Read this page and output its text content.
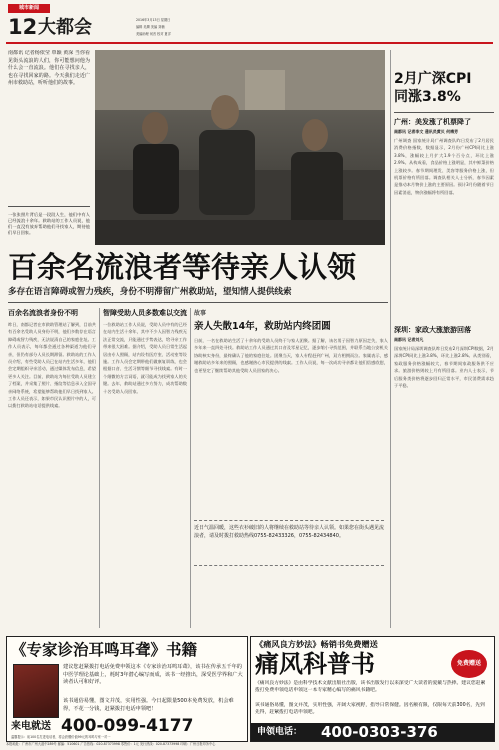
城市新闻
12 大都会	2016年3月13日 星期日
编辑 吴腾 美编 刘楠
美编助理 何晋 校对 夏洋
南都讯 记者杨依莹 覃颖 黄深 当你看见街头流浪的人们，你可能想问他为什么会一直流浪。他们在寻找亲人，也在寻找回家的路。今天我们走近广州市救助站，听听他们的故事。
一张张照片背后是一段段人生，他们中有人已经流浪十余年。救助站的工作人员说，他们一直没有放弃帮助他们寻找家人，期待他们早日回家。
百余名流浪者等待亲人认领
多存在语言障碍或智力残疾，身份不明滞留广州救助站，望知情人提供线索
百余名流浪者身份不明
昨日，南都记者在市救助管理站了解到，目前共有百余名受助人员身份不明，他们多数存在语言障碍或智力残疾，无法说清自己的家庭住址。工作人员表示，每年都会通过各种渠道为他们寻亲，但仍有部分人员长期滞留。救助站的工作人员介绍，有些受助人员已在站内生活多年，他们会定期组织寻亲活动，通过媒体发布信息，希望更多人关注。目前，救助站为每位受助人员建立了档案，并采集了照片、指纹等信息录入全国寻亲网络系统，希望能够帮助他们早日找到家人。工作人员还表示，如果市民认识照片中的人，可以拨打救助站电话提供线索。
智障受助人员多数难以交流
一位救助站工作人员说，受助人员中有的已经在站内生活十余年，其中不少人因智力残疾无法正常交流，只能通过手势表达，给寻亲工作带来很大困难。据介绍，受助人员日常生活起居由专人照顾，站内设有医疗室、活动室等设施。工作人员会定期带他们做康复训练，也会根据口音、生活习惯等细节寻找线索。有时一个细微的方言词语，就可能成为找到家人的关键。去年，救助站通过多方努力，成功帮助数十名受助人员回家。
故事
亲人失散14年，救助站内终团圆
日前，一名在救助站生活了十余年的受助人员终于与家人团聚。据了解，该名男子因智力原因走失，家人多年来一直四处寻找。救助站工作人员通过其口音及零星记忆，逐步缩小寻找范围，并联系当地公安机关协助核实身份，最终确认了他的家庭住址。团聚当天，家人专程赶到广州，双方相拥而泣。家属表示，感谢救助站多年来的照顾，也感谢热心市民提供的线索。工作人员说，每一次成功寻亲都让他们倍感欣慰，也更坚定了继续帮助其他受助人员回家的决心。
近日气温回暖，这些衣衫破旧的人将继续在救助站等待亲人认领。如果您在街头遇见流浪者，请及时拨打救助热线0755-82433326，0755-82434840。
2月广深CPI
同涨3.8%
广州：美发涨了机票降了
南都讯 记者李文 通讯员黄贝 何梅芳
广州调查 国家统计局广州调查队昨日发布了2月居民消费价格指数，数据显示，2月份广州CPI同比上涨3.8%，涨幅较上月扩大1.9个百分点，环比上涨2.9%。从构成看，食品价格上涨明显，其中鲜菜价格上涨较多。春节期间理发、美容等服务价格上涨，但机票价格有所回落。调查队相关人士分析，春节因素是推动本月物价上涨的主要原因。预计3月份随着节日因素消退，物价涨幅将有所回落。
深圳：家政大涨旅游回落
南都讯 记者刘凡
国家统计局深圳调查队昨日发布2月深圳CPI数据，2月深圳CPI同比上涨3.8%，环比上涨2.8%。从类别看，家政服务价格涨幅较大，春节期间家政服务供不应求。旅游价格则较上月有所回落。业内人士表示，节后服务类价格将逐步回归正常水平，市民消费需求趋于平稳。
《专家诊治耳鸣耳聋》书籍
建议您赶紧拨打电话免费申领这本《专家诊治耳鸣耳聋》，该书在传承五千年的中医学理论基础上，耗时3年潜心编写而成，该书一经推出，深受医学界和广大读者认可和好评。
该书通俗易懂，图文并茂，实用性强。今日起限量500本免费发放，机会难得，不花一分钱，赶紧拨打电话申领吧！
来电就送 400-099-4177
温馨提示：前100名打进电话者，将会获赠价值99元的耳鸣专家一对一
《痛风良方妙法》畅销书免费赠送
痛风科普书	免费赠送
《痛风良方妙法》是由科学技术文献出版社出版，该书出版发行以来深受广大读者的爱戴与热捧。建议您赶紧拨打免费申领电话申领这一本专家精心编写的痛风书籍吧。
该书通俗易懂，图文并茂，实用性强，开阔大家视野，指导日常保健。因名额有限，仅限每天前300名，先到先得，赶紧拨打电话申领吧。
申领电话： 400-0303-376
本报地址：广州市广州大道中289号 邮编：510601 广告热线：020-87373998 零售价：1元 发行热线：020-87373998 印刷：广州日报印务中心
